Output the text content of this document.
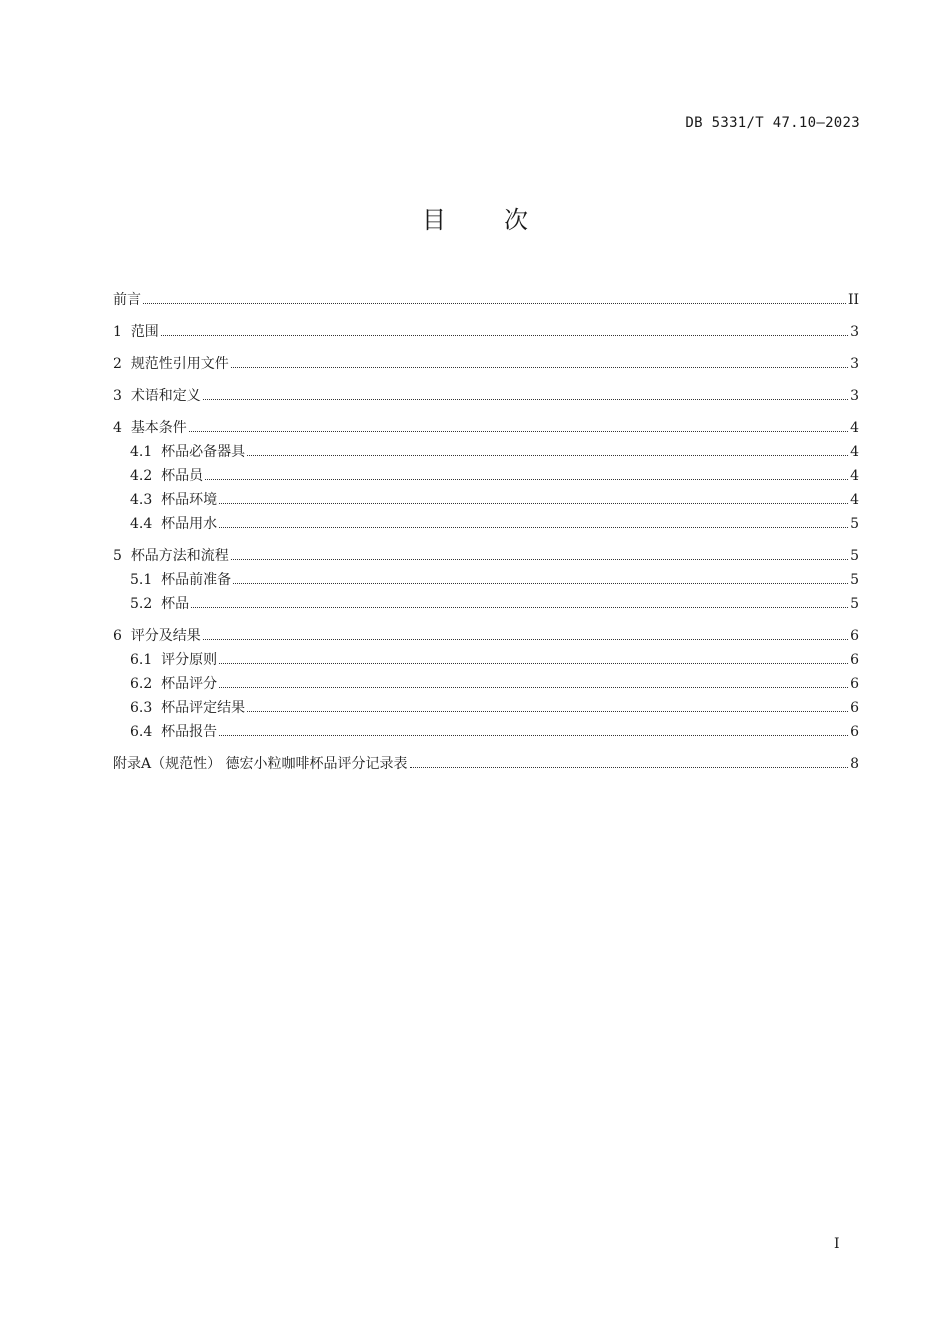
DB 5331/T 47.10—2023
目 次
前言	II
1 范围	3
2 规范性引用文件	3
3 术语和定义	3
4 基本条件	4
4.1 杯品必备器具	4
4.2 杯品员	4
4.3 杯品环境	4
4.4 杯品用水	5
5 杯品方法和流程	5
5.1 杯品前准备	5
5.2 杯品	5
6 评分及结果	6
6.1 评分原则	6
6.2 杯品评分	6
6.3 杯品评定结果	6
6.4 杯品报告	6
附录A（规范性） 德宏小粒咖啡杯品评分记录表	8
I
